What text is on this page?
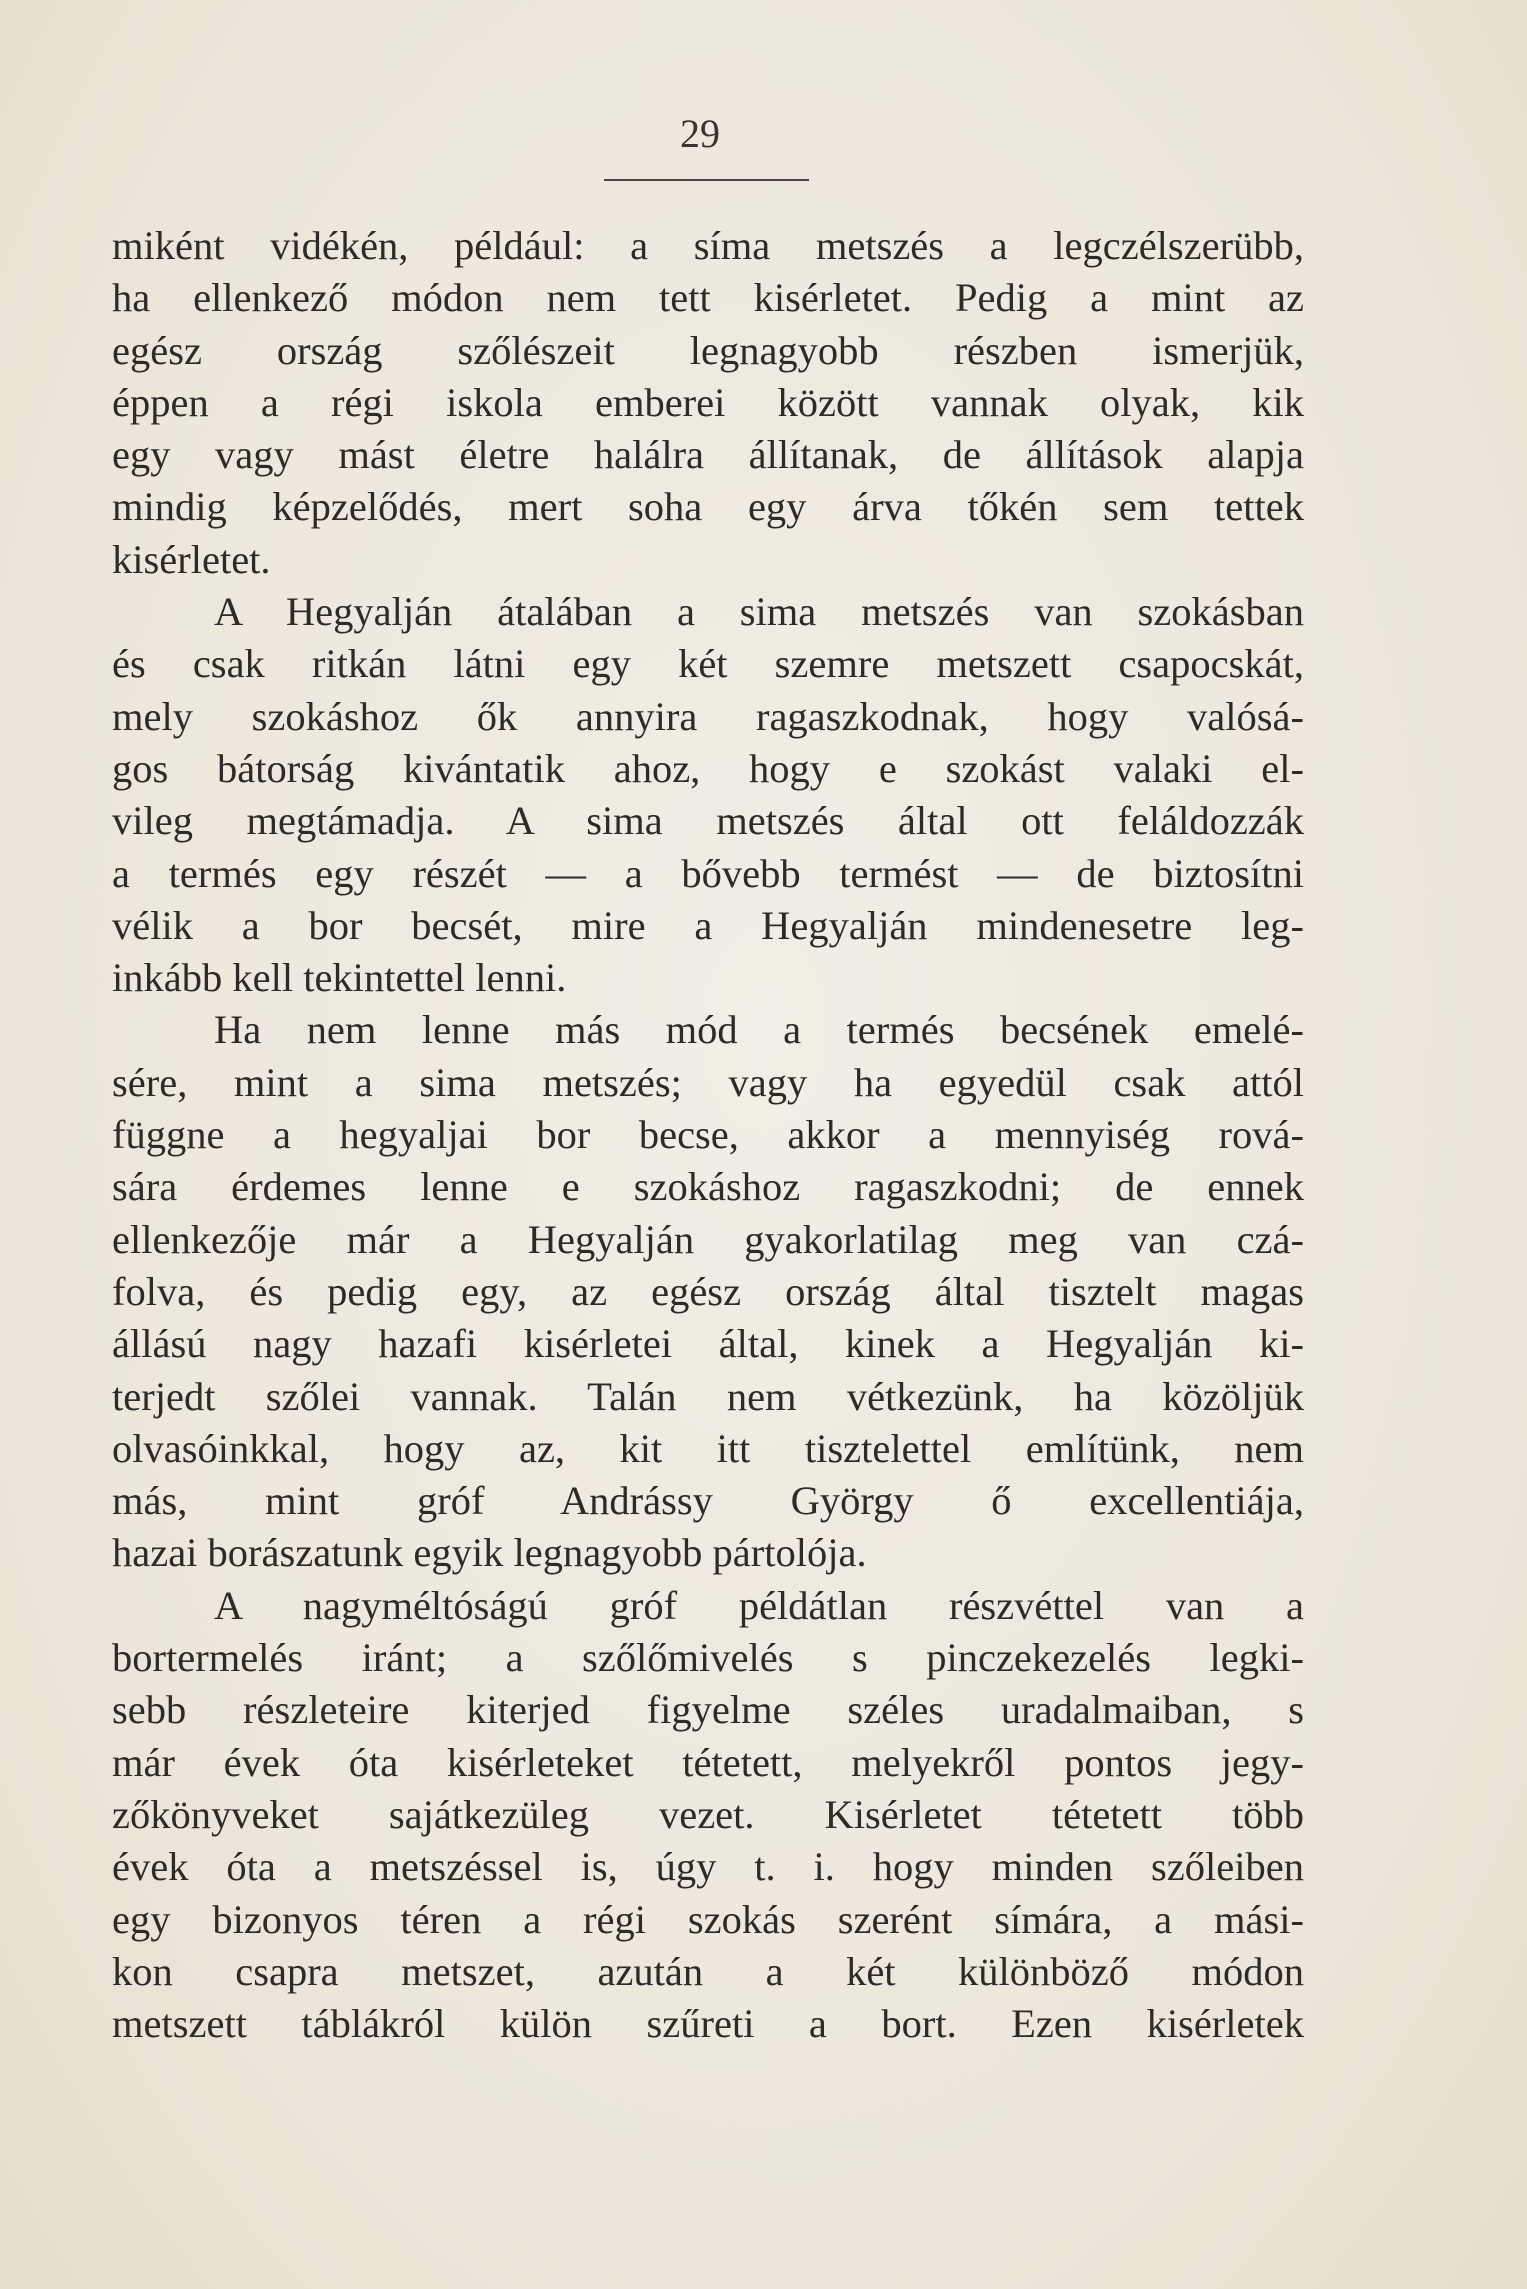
29
miként vidékén, például: a síma metszés a legczélszerübb,
ha ellenkező módon nem tett kisérletet. Pedig a mint az
egész ország szőlészeit legnagyobb részben ismerjük,
éppen a régi iskola emberei között vannak olyak, kik
egy vagy mást életre halálra állítanak, de állítások alapja
mindig képzelődés, mert soha egy árva tőkén sem tettek
kisérletet.
A Hegyalján átalában a sima metszés van szokásban
és csak ritkán látni egy két szemre metszett csapocskát,
mely szokáshoz ők annyira ragaszkodnak, hogy valósá-
gos bátorság kivántatik ahoz, hogy e szokást valaki el-
vileg megtámadja. A sima metszés által ott feláldozzák
a termés egy részét — a bővebb termést — de biztosítni
vélik a bor becsét, mire a Hegyalján mindenesetre leg-
inkább kell tekintettel lenni.
Ha nem lenne más mód a termés becsének emelé-
sére, mint a sima metszés; vagy ha egyedül csak attól
függne a hegyaljai bor becse, akkor a mennyiség rová-
sára érdemes lenne e szokáshoz ragaszkodni; de ennek
ellenkezője már a Hegyalján gyakorlatilag meg van czá-
folva, és pedig egy, az egész ország által tisztelt magas
állású nagy hazafi kisérletei által, kinek a Hegyalján ki-
terjedt szőlei vannak. Talán nem vétkezünk, ha közöljük
olvasóinkkal, hogy az, kit itt tisztelettel említünk, nem
más, mint gróf Andrássy György ő excellentiája,
hazai borászatunk egyik legnagyobb pártolója.
A nagyméltóságú gróf példátlan részvéttel van a
bortermelés iránt; a szőlőmivelés s pinczekezelés legki-
sebb részleteire kiterjed figyelme széles uradalmaiban, s
már évek óta kisérleteket tétetett, melyekről pontos jegy-
zőkönyveket sajátkezüleg vezet. Kisérletet tétetett több
évek óta a metszéssel is, úgy t. i. hogy minden szőleiben
egy bizonyos téren a régi szokás szerént símára, a mási-
kon csapra metszet, azután a két különböző módon
metszett táblákról külön szűreti a bort. Ezen kisérletek
